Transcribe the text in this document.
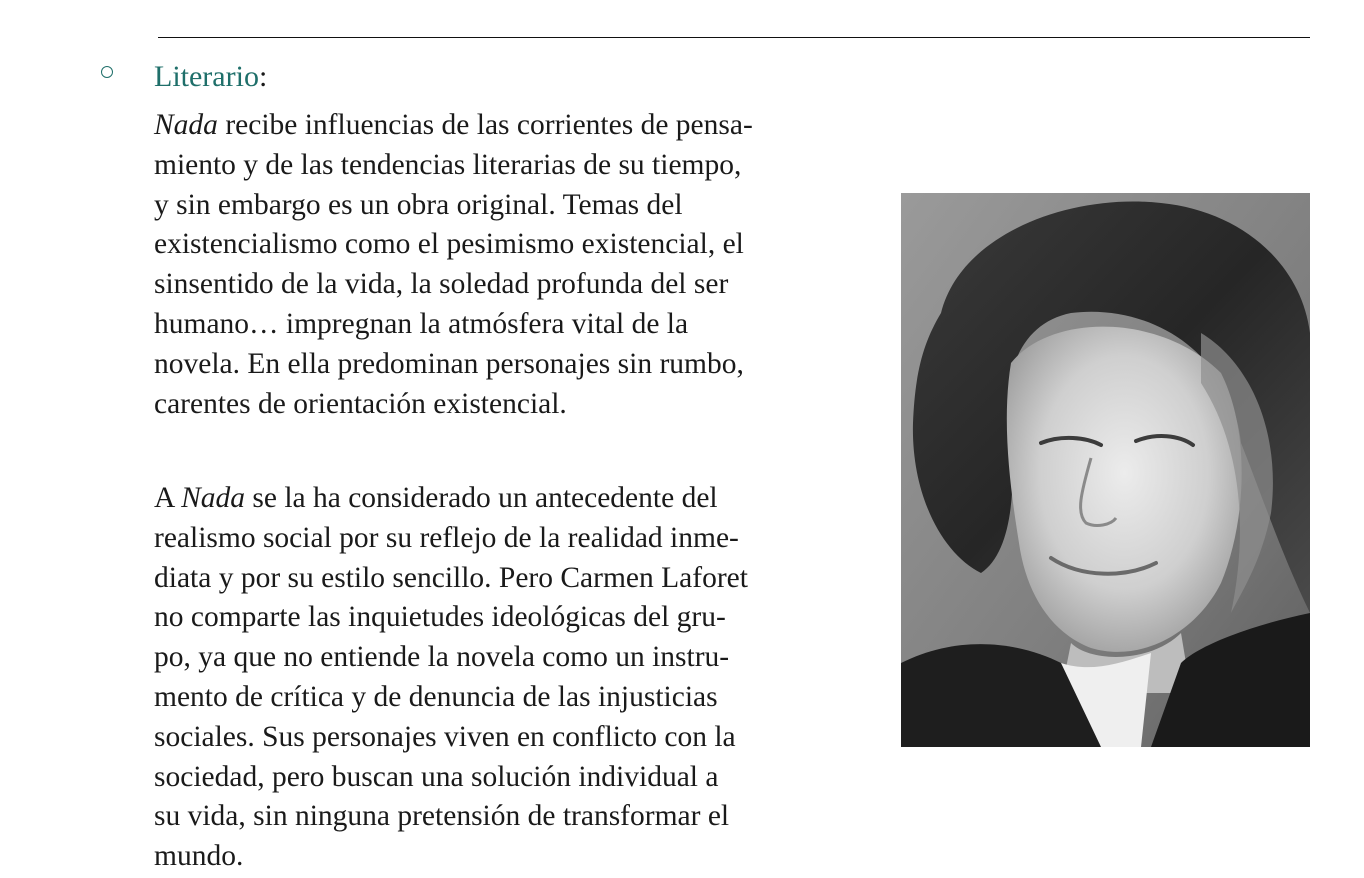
Literario:
Nada recibe influencias de las corrientes de pensa-
miento y de las tendencias literarias de su tiempo,
y sin embargo es un obra original. Temas del
existencialismo como el pesimismo existencial, el
sinsentido de la vida, la soledad profunda del ser
humano… impregnan la atmósfera vital de la
novela. En ella predominan personajes sin rumbo,
carentes de orientación existencial.
A Nada se la ha considerado un antecedente del
realismo social por su reflejo de la realidad inme-
diata y por su estilo sencillo. Pero Carmen Laforet
no comparte las inquietudes ideológicas del gru-
po, ya que no entiende la novela como un instru-
mento de crítica y de denuncia de las injusticias
sociales. Sus personajes viven en conflicto con la
sociedad, pero buscan una solución individual a
su vida, sin ninguna pretensión de transformar el
mundo.
